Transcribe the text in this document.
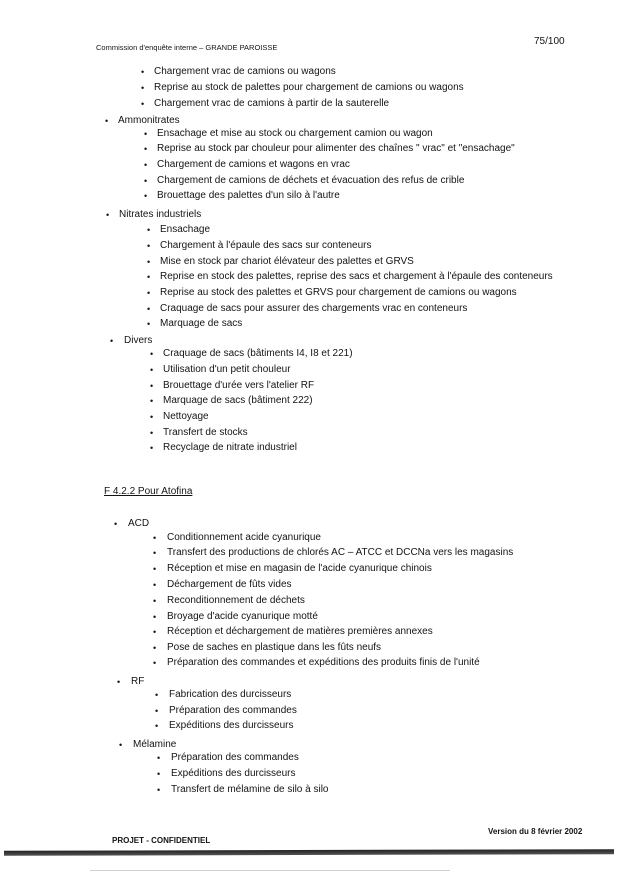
Commission d'enquête interne – GRANDE PAROISSE
75/100
• Chargement vrac de camions ou wagons
• Reprise au stock de palettes pour chargement de camions ou wagons
• Chargement vrac de camions à partir de la sauterelle
• Ammonitrates
• Ensachage et mise au stock ou chargement camion ou wagon
• Reprise au stock par chouleur pour alimenter des chaînes " vrac" et "ensachage"
• Chargement de camions et wagons en vrac
• Chargement de camions de déchets et évacuation des refus de crible
• Brouettage des palettes d'un silo à l'autre
• Nitrates industriels
• Ensachage
• Chargement à l'épaule des sacs sur conteneurs
• Mise en stock par chariot élévateur des palettes et GRVS
• Reprise en stock des palettes, reprise des sacs et chargement à l'épaule des conteneurs
• Reprise au stock des palettes et GRVS pour chargement de camions ou wagons
• Craquage de sacs pour assurer des chargements vrac en conteneurs
• Marquage de sacs
• Divers
• Craquage de sacs (bâtiments I4, I8 et 221)
• Utilisation d'un petit chouleur
• Brouettage d'urée vers l'atelier RF
• Marquage de sacs (bâtiment 222)
• Nettoyage
• Transfert de stocks
• Recyclage de nitrate industriel
• ACD
• Conditionnement acide cyanurique
• Transfert des productions de chlorés AC – ATCC et DCCNa vers les magasins
• Réception et mise en magasin de l'acide cyanurique chinois
• Déchargement de fûts vides
• Reconditionnement de déchets
• Broyage d'acide cyanurique motté
• Réception et déchargement de matières premières annexes
• Pose de saches en plastique dans les fûts neufs
• Préparation des commandes et expéditions des produits finis de l'unité
• RF
• Fabrication des durcisseurs
• Préparation des commandes
• Expéditions des durcisseurs
• Mélamine
• Préparation des commandes
• Expéditions des durcisseurs
• Transfert de mélamine de silo à silo
F 4.2.2 Pour Atofina
Version du 8 février 2002
PROJET - CONFIDENTIEL
